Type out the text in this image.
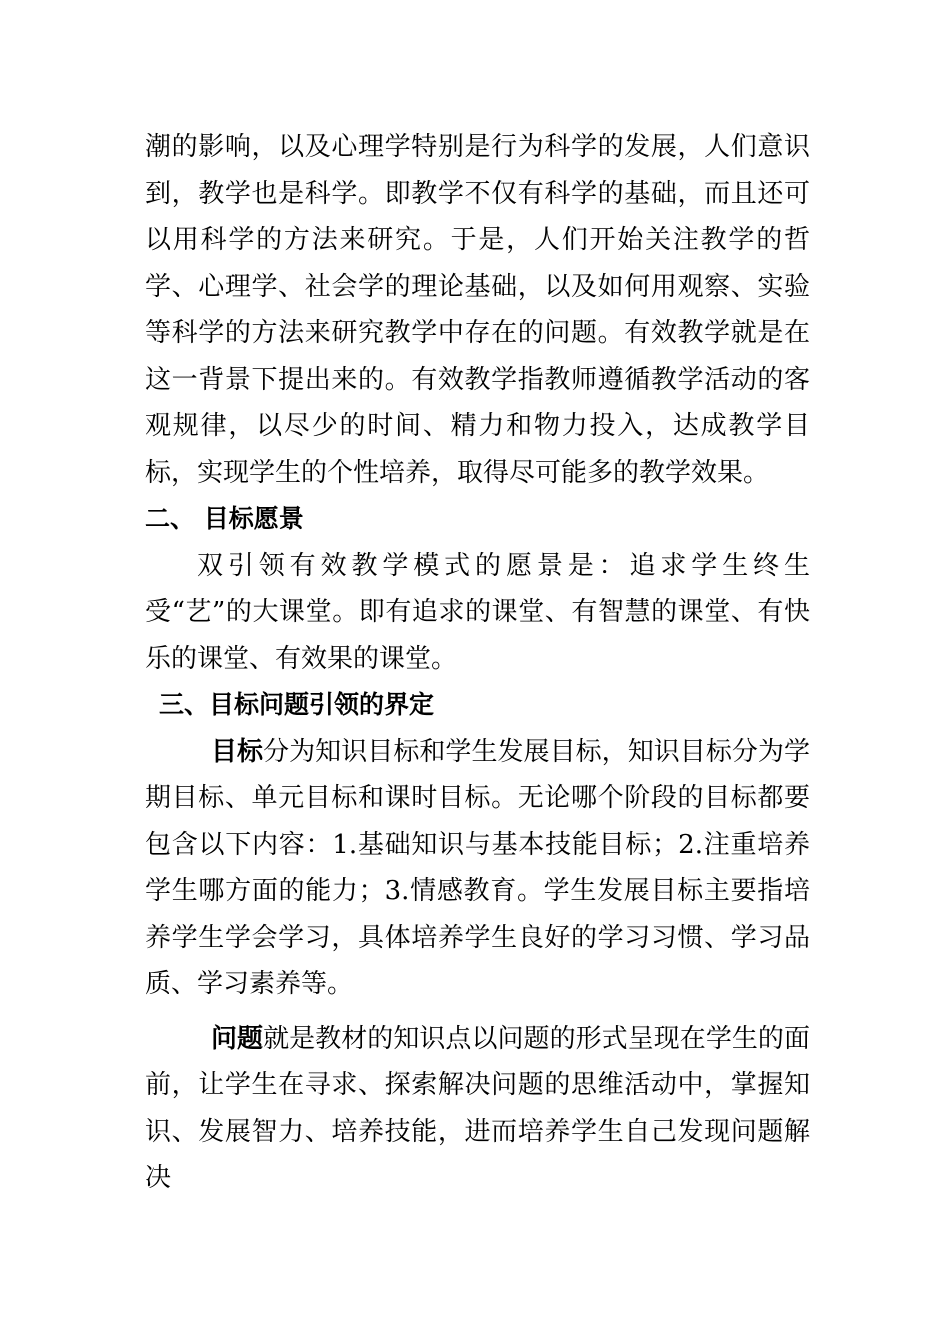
潮的影响，以及心理学特别是行为科学的发展，人们意识到，教学也是科学。即教学不仅有科学的基础，而且还可以用科学的方法来研究。于是，人们开始关注教学的哲学、心理学、社会学的理论基础，以及如何用观察、实验等科学的方法来研究教学中存在的问题。有效教学就是在这一背景下提出来的。有效教学指教师遵循教学活动的客观规律，以尽少的时间、精力和物力投入，达成教学目标，实现学生的个性培养，取得尽可能多的教学效果。

二、 目标愿景

双引领有效教学模式的愿景是：追求学生终生受“艺”的大课堂。即有追求的课堂、有智慧的课堂、有快乐的课堂、有效果的课堂。

三、目标问题引领的界定

目标分为知识目标和学生发展目标，知识目标分为学期目标、单元目标和课时目标。无论哪个阶段的目标都要包含以下内容：1.基础知识与基本技能目标；2.注重培养学生哪方面的能力；3.情感教育。学生发展目标主要指培养学生学会学习，具体培养学生良好的学习习惯、学习品质、学习素养等。

问题就是教材的知识点以问题的形式呈现在学生的面前，让学生在寻求、探索解决问题的思维活动中，掌握知识、发展智力、培养技能，进而培养学生自己发现问题解决
